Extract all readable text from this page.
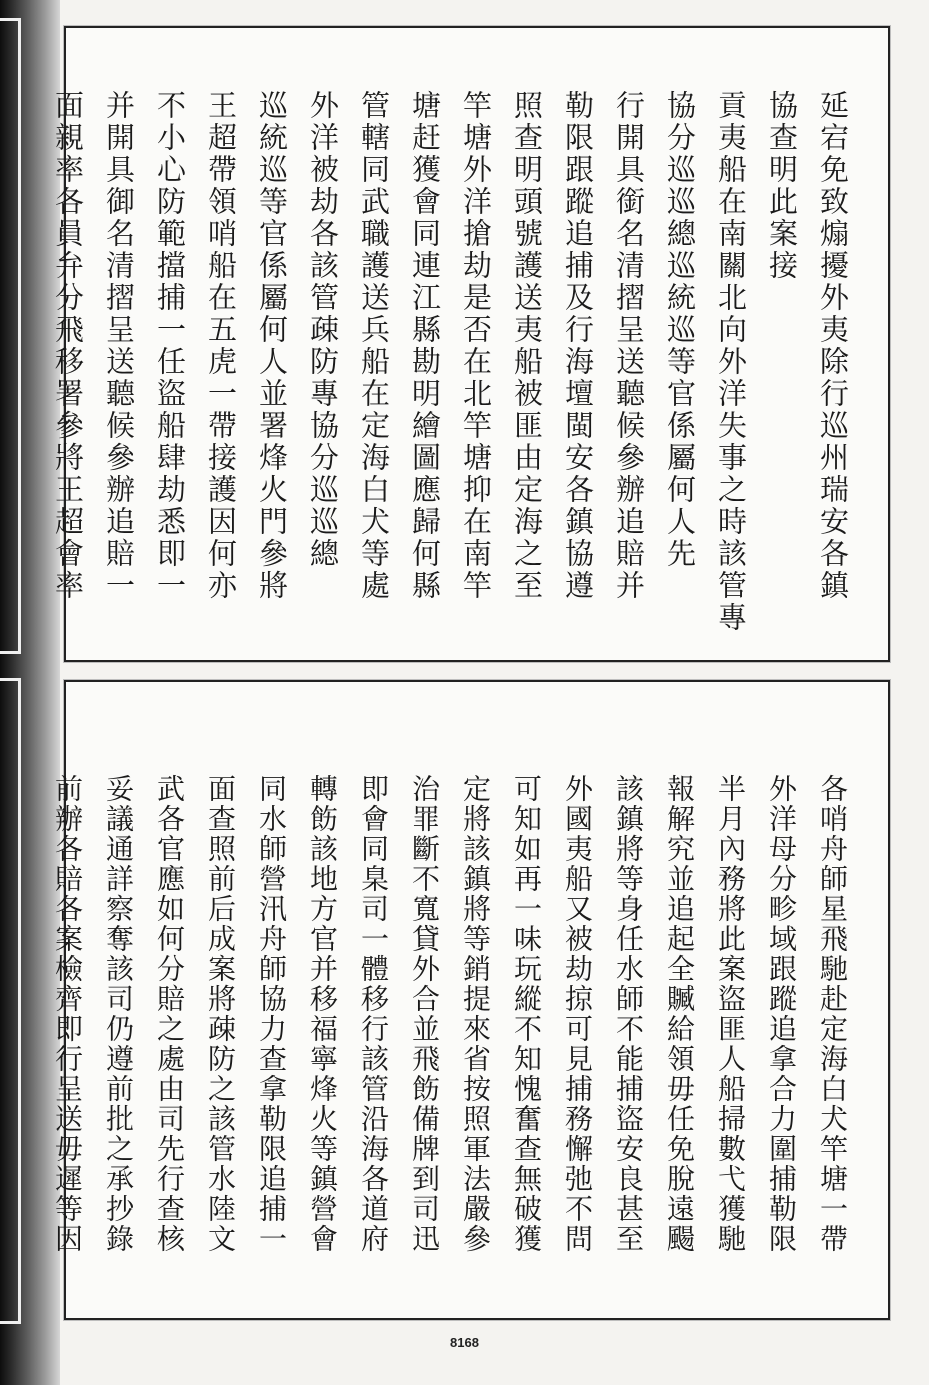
延宕免致煽擾外夷除行巡州瑞安各鎮
協查明此案接
貢夷船在南關北向外洋失事之時該管專
協分巡巡總巡統巡等官係屬何人先
行開具銜名清摺呈送聽候參辦追賠并
勒限跟蹤追捕及行海壇閩安各鎮協遵
照查明頭號護送夷船被匪由定海之至
竿塘外洋搶劫是否在北竿塘抑在南竿
塘赶獲會同連江縣勘明繪圖應歸何縣
管轄同武職護送兵船在定海白犬等處
外洋被劫各該管疎防專協分巡巡總
巡統巡等官係屬何人並署烽火門參將
王超帶領哨船在五虎一帶接護因何亦
不小心防範擋捕一任盜船肆劫悉即一
并開具御名清摺呈送聽候參辦追賠一
面親率各員弁分飛移署參將王超會率
各哨舟師星飛馳赴定海白犬竿塘一帶
外洋母分畛域跟蹤追拿合力圍捕勒限
半月內務將此案盜匪人船掃數弋獲馳
報解究並追起全贓給領毋任免脫遠颺
該鎮將等身任水師不能捕盜安良甚至
外國夷船又被劫掠可見捕務懈弛不問
可知如再一味玩縱不知愧奮查無破獲
定將該鎮將等銷提來省按照軍法嚴參
治罪斷不寬貸外合並飛飭備牌到司迅
即會同臬司一體移行該管沿海各道府
轉飭該地方官并移福寧烽火等鎮營會
同水師營汛舟師協力查拿勒限追捕一
面查照前后成案將疎防之該管水陸文
武各官應如何分賠之處由司先行查核
妥議通詳察奪該司仍遵前批之承抄錄
前辦各賠各案檢齊即行呈送毋遲等因
8168
